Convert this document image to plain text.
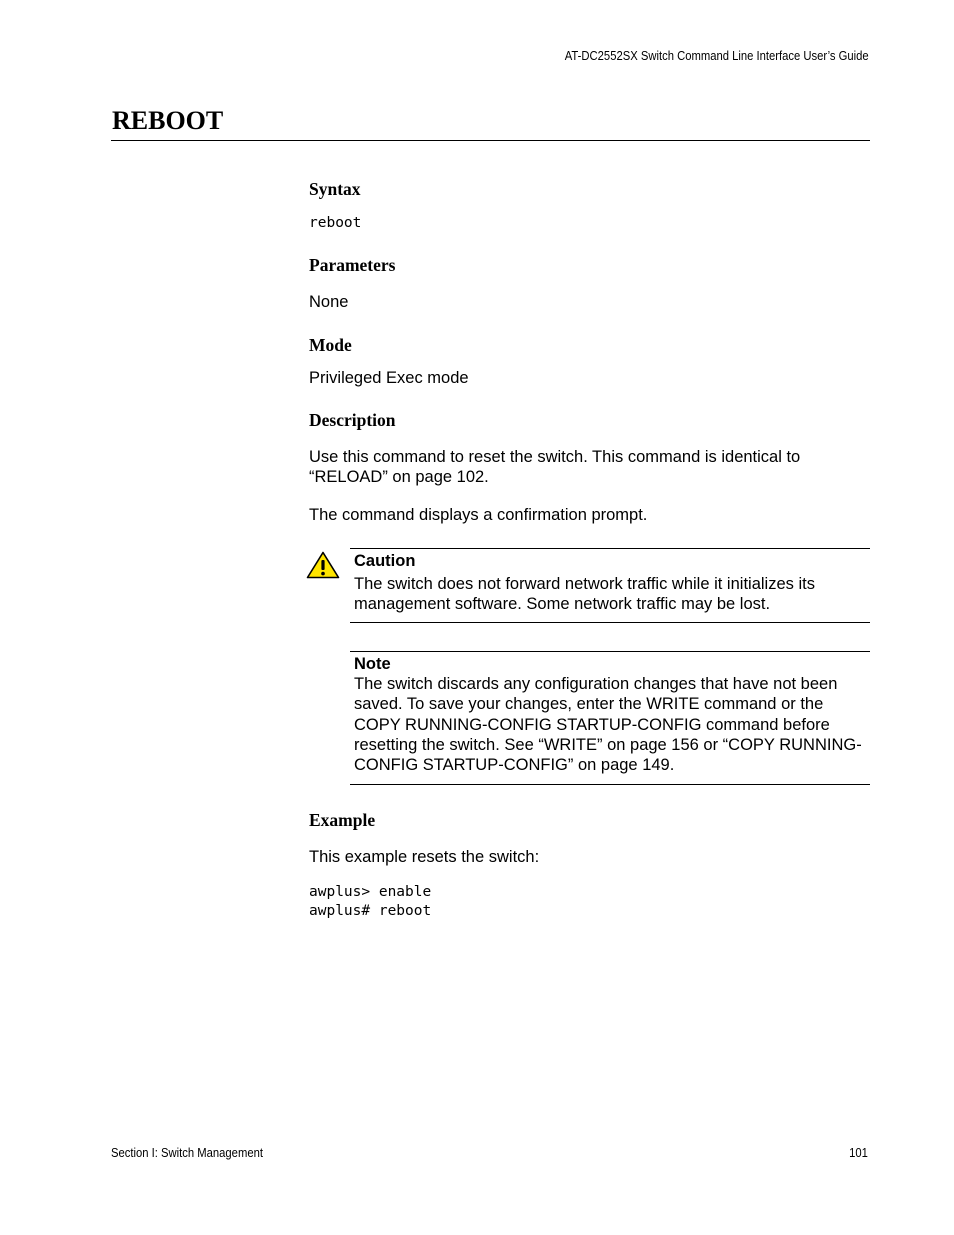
AT-DC2552SX Switch Command Line Interface User’s Guide
REBOOT
Syntax
reboot
Parameters

None

Mode

Privileged Exec mode

Description

Use this command to reset the switch. This command is identical to “RELOAD” on page 102.

The command displays a confirmation prompt.

Caution
The switch does not forward network traffic while it initializes its management software. Some network traffic may be lost.
Note
The switch discards any configuration changes that have not been saved. To save your changes, enter the WRITE command or the COPY RUNNING-CONFIG STARTUP-CONFIG command before resetting the switch. See “WRITE” on page 156 or “COPY RUNNING-CONFIG STARTUP-CONFIG” on page 149.
Example

This example resets the switch:

awplus> enable
awplus# reboot
Section I: Switch Management	101
